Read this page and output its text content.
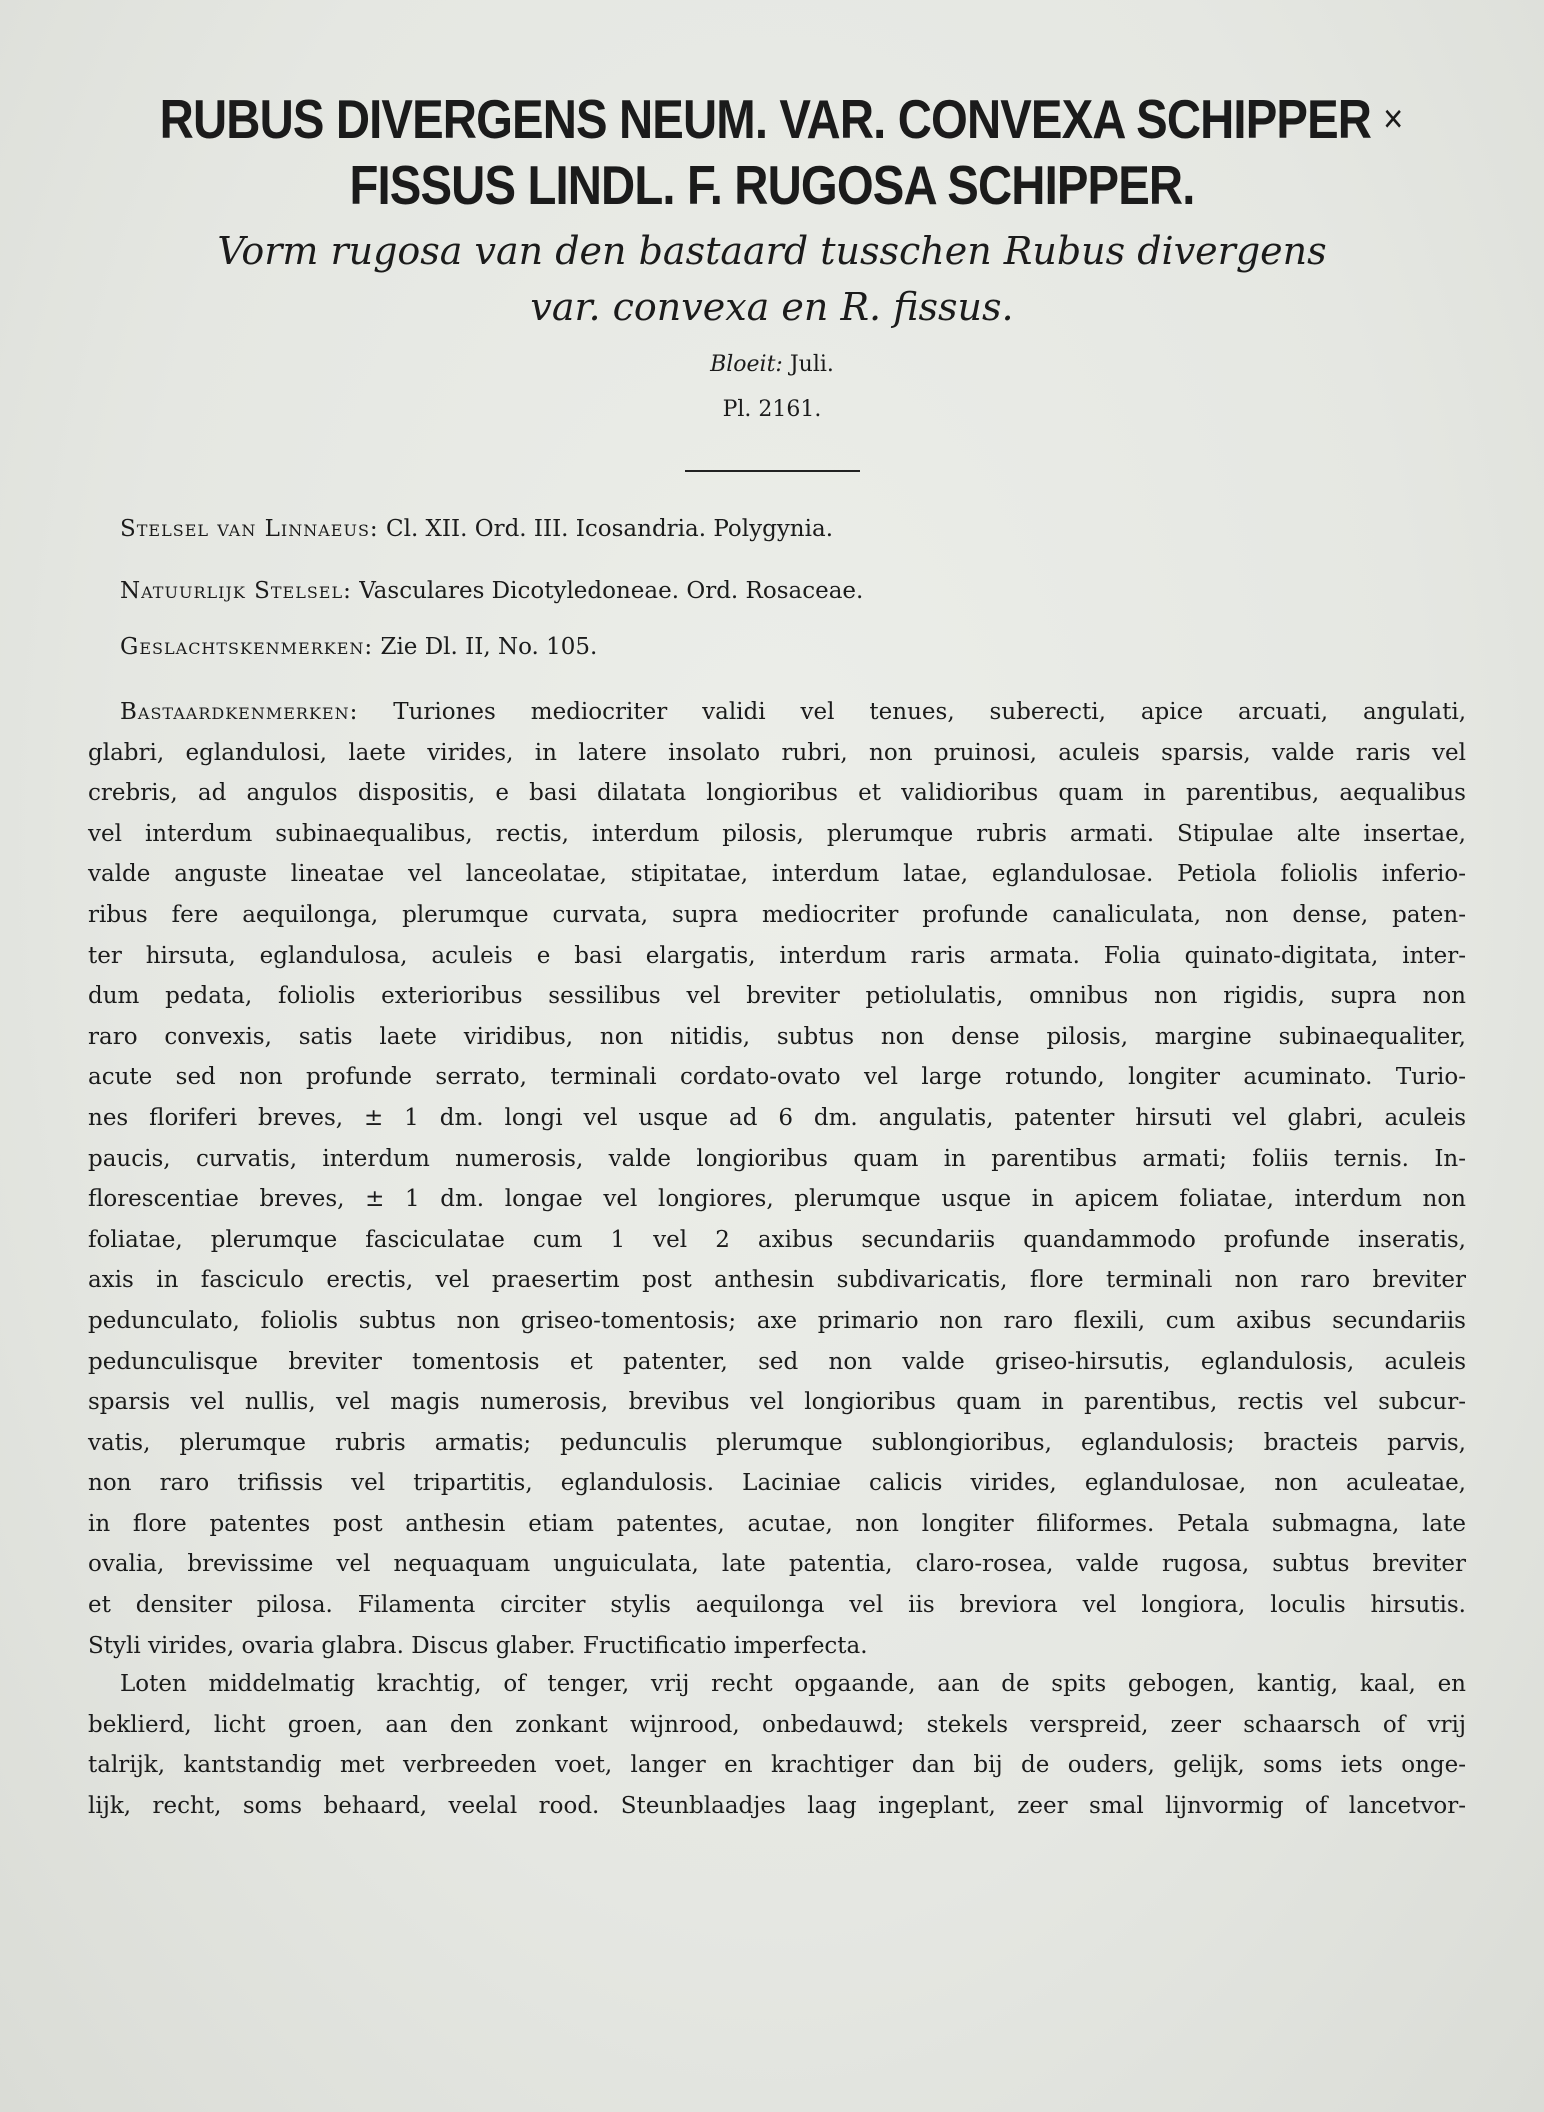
RUBUS DIVERGENS NEUM. VAR. CONVEXA SCHIPPER ×
FISSUS LINDL. F. RUGOSA SCHIPPER.
Vorm rugosa van den bastaard tusschen Rubus divergens
var. convexa en R. fissus.
Bloeit: Juli.
Pl. 2161.
Stelsel van Linnaeus: Cl. XII. Ord. III. Icosandria. Polygynia.
Natuurlijk Stelsel: Vasculares Dicotyledoneae. Ord. Rosaceae.
Geslachtskenmerken: Zie Dl. II, No. 105.
Bastaardkenmerken: Turiones mediocriter validi vel tenues, suberecti, apice arcuati, angulati,
glabri, eglandulosi, laete virides, in latere insolato rubri, non pruinosi, aculeis sparsis, valde raris vel
crebris, ad angulos dispositis, e basi dilatata longioribus et validioribus quam in parentibus, aequalibus
vel interdum subinaequalibus, rectis, interdum pilosis, plerumque rubris armati. Stipulae alte insertae,
valde anguste lineatae vel lanceolatae, stipitatae, interdum latae, eglandulosae. Petiola foliolis inferio-
ribus fere aequilonga, plerumque curvata, supra mediocriter profunde canaliculata, non dense, paten-
ter hirsuta, eglandulosa, aculeis e basi elargatis, interdum raris armata. Folia quinato-digitata, inter-
dum pedata, foliolis exterioribus sessilibus vel breviter petiolulatis, omnibus non rigidis, supra non
raro convexis, satis laete viridibus, non nitidis, subtus non dense pilosis, margine subinaequaliter,
acute sed non profunde serrato, terminali cordato-ovato vel large rotundo, longiter acuminato. Turio-
nes floriferi breves, ± 1 dm. longi vel usque ad 6 dm. angulatis, patenter hirsuti vel glabri, aculeis
paucis, curvatis, interdum numerosis, valde longioribus quam in parentibus armati; foliis ternis. In-
florescentiae breves, ± 1 dm. longae vel longiores, plerumque usque in apicem foliatae, interdum non
foliatae, plerumque fasciculatae cum 1 vel 2 axibus secundariis quandammodo profunde inseratis,
axis in fasciculo erectis, vel praesertim post anthesin subdivaricatis, flore terminali non raro breviter
pedunculato, foliolis subtus non griseo-tomentosis; axe primario non raro flexili, cum axibus secundariis
pedunculisque breviter tomentosis et patenter, sed non valde griseo-hirsutis, eglandulosis, aculeis
sparsis vel nullis, vel magis numerosis, brevibus vel longioribus quam in parentibus, rectis vel subcur-
vatis, plerumque rubris armatis; pedunculis plerumque sublongioribus, eglandulosis; bracteis parvis,
non raro trifissis vel tripartitis, eglandulosis. Laciniae calicis virides, eglandulosae, non aculeatae,
in flore patentes post anthesin etiam patentes, acutae, non longiter filiformes. Petala submagna, late
ovalia, brevissime vel nequaquam unguiculata, late patentia, claro-rosea, valde rugosa, subtus breviter
et densiter pilosa. Filamenta circiter stylis aequilonga vel iis breviora vel longiora, loculis hirsutis.
Styli virides, ovaria glabra. Discus glaber. Fructificatio imperfecta.
Loten middelmatig krachtig, of tenger, vrij recht opgaande, aan de spits gebogen, kantig, kaal, en
beklierd, licht groen, aan den zonkant wijnrood, onbedauwd; stekels verspreid, zeer schaarsch of vrij
talrijk, kantstandig met verbreeden voet, langer en krachtiger dan bij de ouders, gelijk, soms iets onge-
lijk, recht, soms behaard, veelal rood. Steunblaadjes laag ingeplant, zeer smal lijnvormig of lancetvor-
